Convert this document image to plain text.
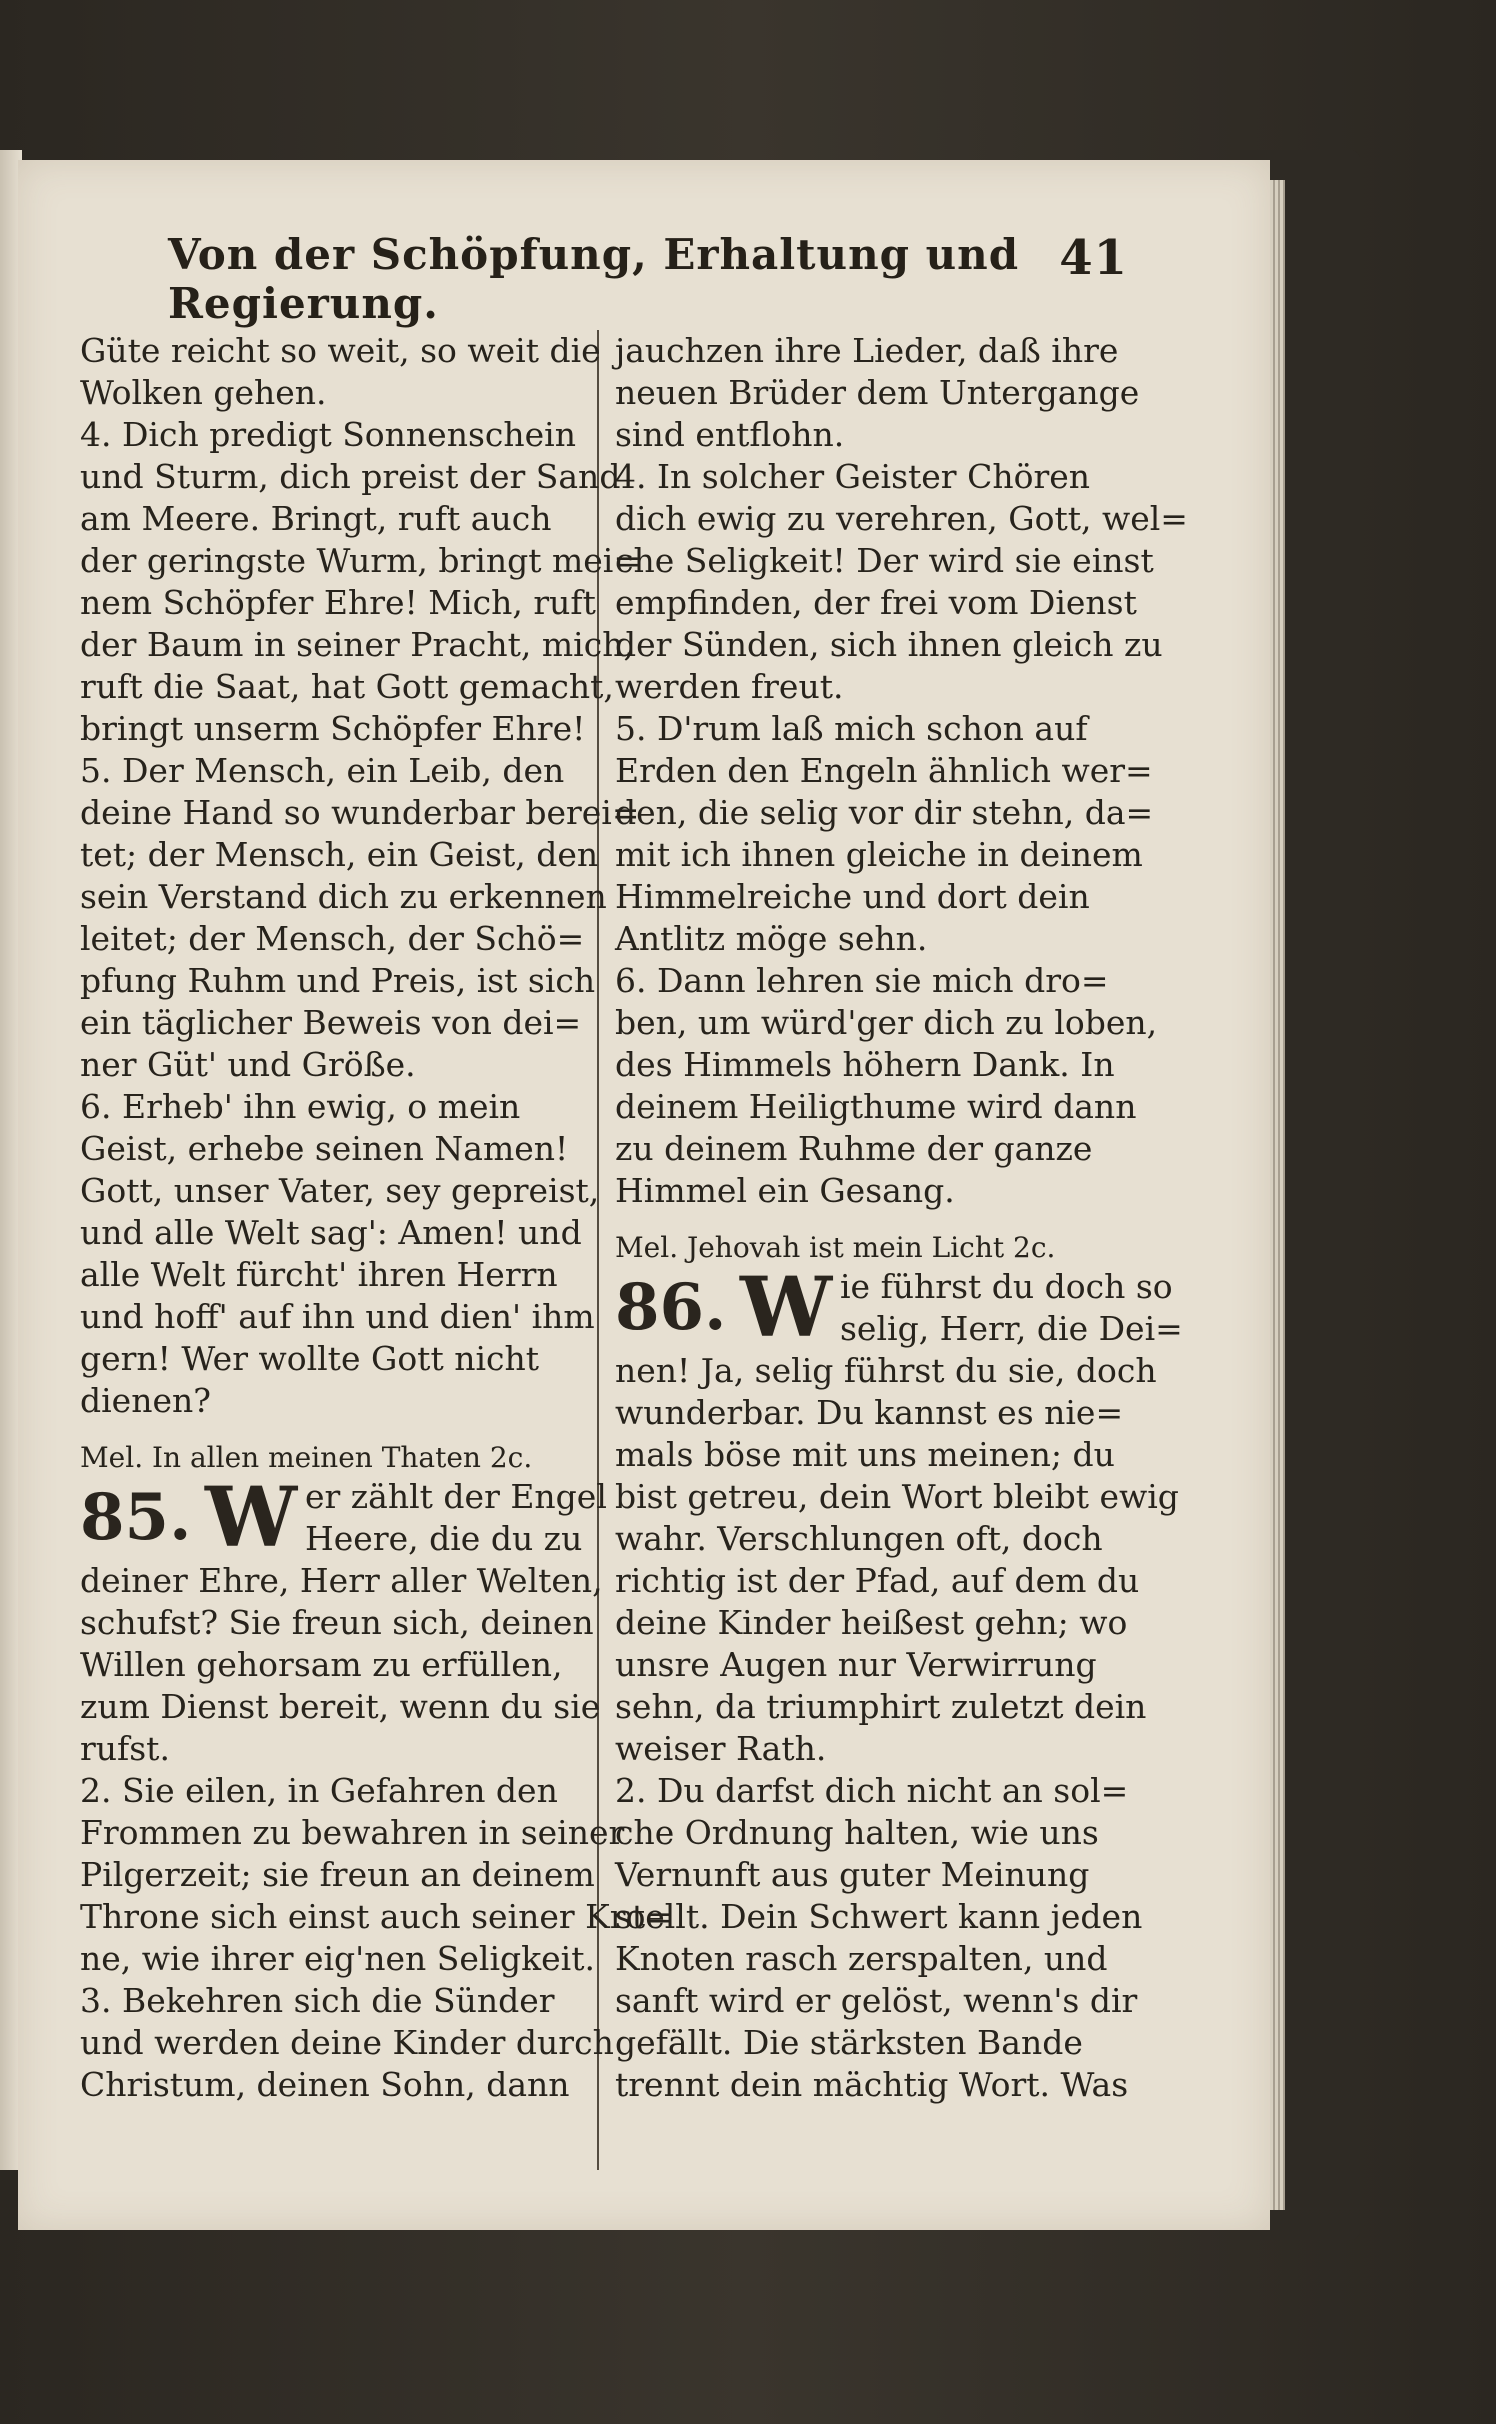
Von der Schöpfung, Erhaltung und Regierung.
41
Güte reicht so weit, so weit die
Wolken gehen.
4. Dich predigt Sonnenschein
und Sturm, dich preist der Sand
am Meere. Bringt, ruft auch
der geringste Wurm, bringt mei=
nem Schöpfer Ehre! Mich, ruft
der Baum in seiner Pracht, mich,
ruft die Saat, hat Gott gemacht,
bringt unserm Schöpfer Ehre!
5. Der Mensch, ein Leib, den
deine Hand so wunderbar berei=
tet; der Mensch, ein Geist, den
sein Verstand dich zu erkennen
leitet; der Mensch, der Schö=
pfung Ruhm und Preis, ist sich
ein täglicher Beweis von dei=
ner Güt' und Größe.
6. Erheb' ihn ewig, o mein
Geist, erhebe seinen Namen!
Gott, unser Vater, sey gepreist,
und alle Welt sag': Amen! und
alle Welt fürcht' ihren Herrn
und hoff' auf ihn und dien' ihm
gern! Wer wollte Gott nicht
dienen?
Mel. In allen meinen Thaten 2c.
85. W er zählt der Engel
Heere, die du zu
deiner Ehre, Herr aller Welten,
schufst? Sie freun sich, deinen
Willen gehorsam zu erfüllen,
zum Dienst bereit, wenn du sie
rufst.
2. Sie eilen, in Gefahren den
Frommen zu bewahren in seiner
Pilgerzeit; sie freun an deinem
Throne sich einst auch seiner Kro=
ne, wie ihrer eig'nen Seligkeit.
3. Bekehren sich die Sünder
und werden deine Kinder durch
Christum, deinen Sohn, dann
jauchzen ihre Lieder, daß ihre
neuen Brüder dem Untergange
sind entflohn.
4. In solcher Geister Chören
dich ewig zu verehren, Gott, wel=
che Seligkeit! Der wird sie einst
empfinden, der frei vom Dienst
der Sünden, sich ihnen gleich zu
werden freut.
5. D'rum laß mich schon auf
Erden den Engeln ähnlich wer=
den, die selig vor dir stehn, da=
mit ich ihnen gleiche in deinem
Himmelreiche und dort dein
Antlitz möge sehn.
6. Dann lehren sie mich dro=
ben, um würd'ger dich zu loben,
des Himmels höhern Dank. In
deinem Heiligthume wird dann
zu deinem Ruhme der ganze
Himmel ein Gesang.
Mel. Jehovah ist mein Licht 2c.
86. W ie führst du doch so
selig, Herr, die Dei=
nen! Ja, selig führst du sie, doch
wunderbar. Du kannst es nie=
mals böse mit uns meinen; du
bist getreu, dein Wort bleibt ewig
wahr. Verschlungen oft, doch
richtig ist der Pfad, auf dem du
deine Kinder heißest gehn; wo
unsre Augen nur Verwirrung
sehn, da triumphirt zuletzt dein
weiser Rath.
2. Du darfst dich nicht an sol=
che Ordnung halten, wie uns
Vernunft aus guter Meinung
stellt. Dein Schwert kann jeden
Knoten rasch zerspalten, und
sanft wird er gelöst, wenn's dir
gefällt. Die stärksten Bande
trennt dein mächtig Wort. Was
